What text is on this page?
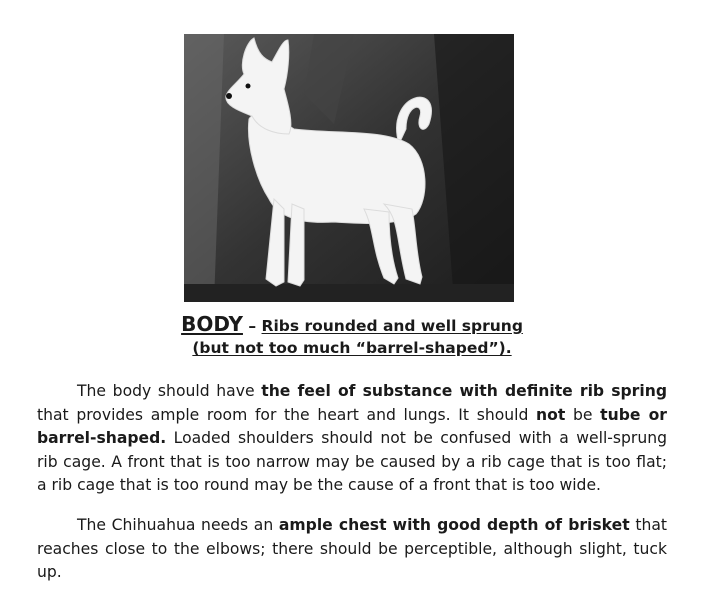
BODY – Ribs rounded and well sprung
(but not too much “barrel-shaped”).

The body should have the feel of substance with definite rib spring that provides ample room for the heart and lungs. It should not be tube or barrel-shaped. Loaded shoulders should not be confused with a well-sprung rib cage. A front that is too narrow may be caused by a rib cage that is too flat; a rib cage that is too round may be the cause of a front that is too wide.

The Chihuahua needs an ample chest with good depth of brisket that reaches close to the elbows; there should be perceptible, although slight, tuck up.
